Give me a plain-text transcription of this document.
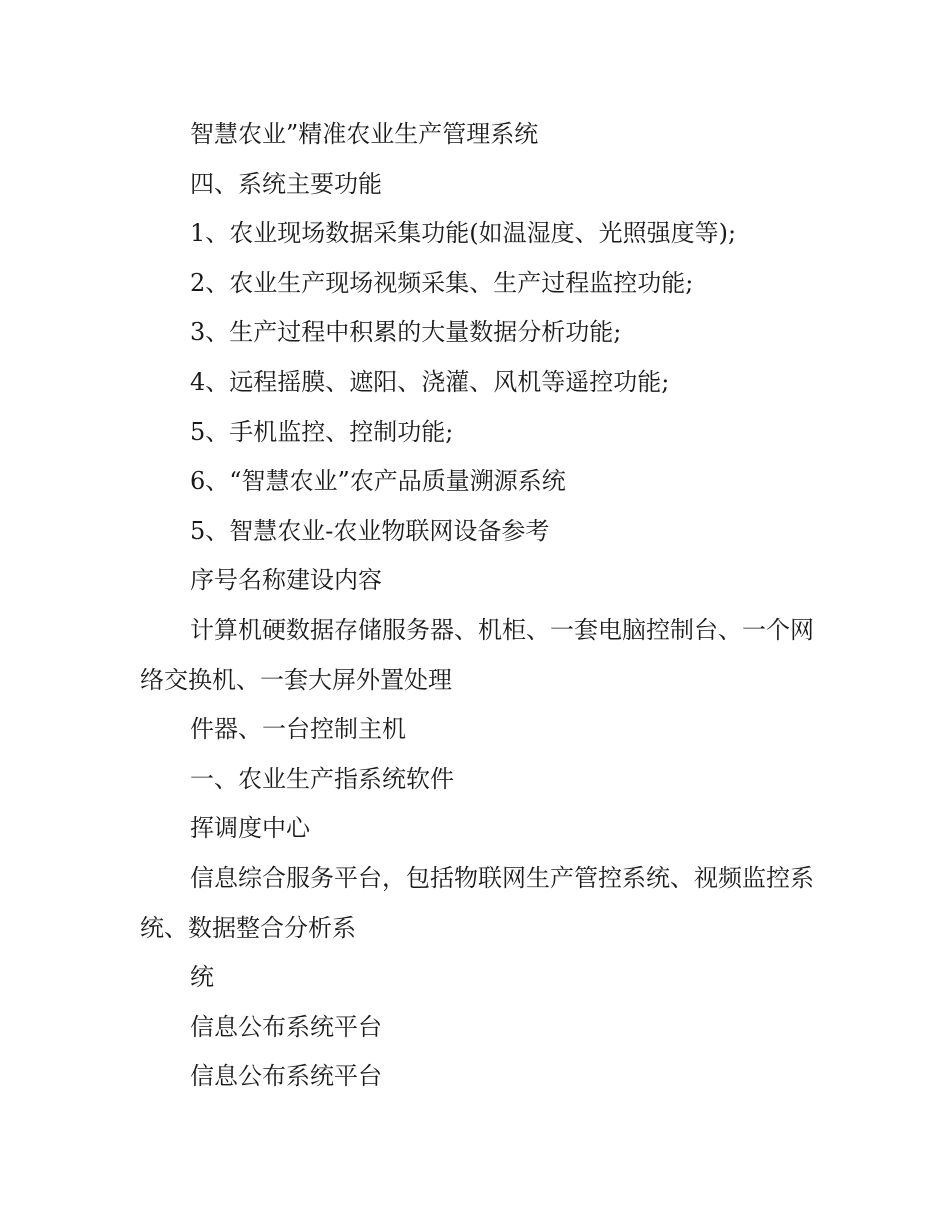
智慧农业”精准农业生产管理系统

四、系统主要功能

1、农业现场数据采集功能(如温湿度、光照强度等);

2、农业生产现场视频采集、生产过程监控功能;

3、生产过程中积累的大量数据分析功能;

4、远程摇膜、遮阳、浇灌、风机等遥控功能;

5、手机监控、控制功能;

6、“智慧农业”农产品质量溯源系统

5、智慧农业-农业物联网设备参考

序号名称建设内容

计算机硬数据存储服务器、机柜、一套电脑控制台、一个网络交换机、一套大屏外置处理

件器、一台控制主机

一、农业生产指系统软件

挥调度中心

信息综合服务平台，包括物联网生产管控系统、视频监控系统、数据整合分析系

统

信息公布系统平台

信息公布系统平台
